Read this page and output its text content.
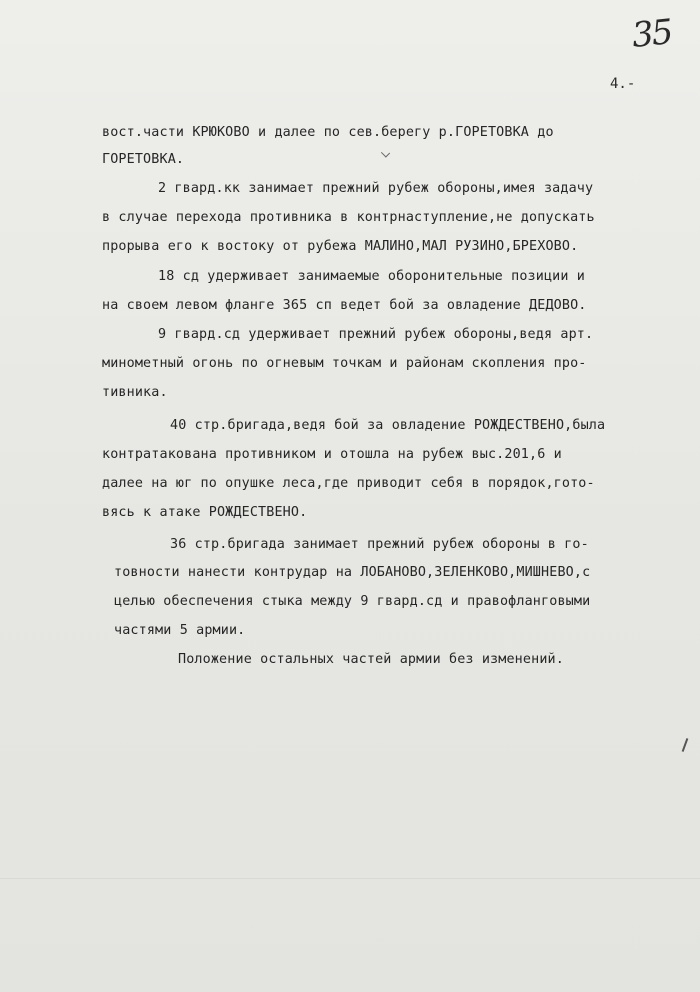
35
4.-
вост.части КРЮКОВО и далее по сев.берегу р.ГОРЕТОВКА до
ГОРЕТОВКА.
2 гвард.кк занимает прежний рубеж обороны,имея задачу
в случае перехода противника в контрнаступление,не допускать
прорыва его к востоку от рубежа МАЛИНО,МАЛ РУЗИНО,БРЕХОВО.
18 сд удерживает занимаемые оборонительные позиции и
на своем левом фланге 365 сп ведет бой за овладение ДЕДОВО.
9 гвард.сд удерживает прежний рубеж обороны,ведя арт.
минометный огонь по огневым точкам и районам скопления про-
тивника.
40 стр.бригада,ведя бой за овладение РОЖДЕСТВЕНО,была
контратакована противником и отошла на рубеж выс.201,6 и
далее на юг по опушке леса,где приводит себя в порядок,гото-
вясь к атаке РОЖДЕСТВЕНО.
36 стр.бригада занимает прежний рубеж обороны в го-
товности нанести контрудар на ЛОБАНОВО,ЗЕЛЕНКОВО,МИШНЕВО,с
целью обеспечения стыка между 9 гвард.сд и правофланговыми
частями 5 армии.
Положение остальных частей армии без изменений.
